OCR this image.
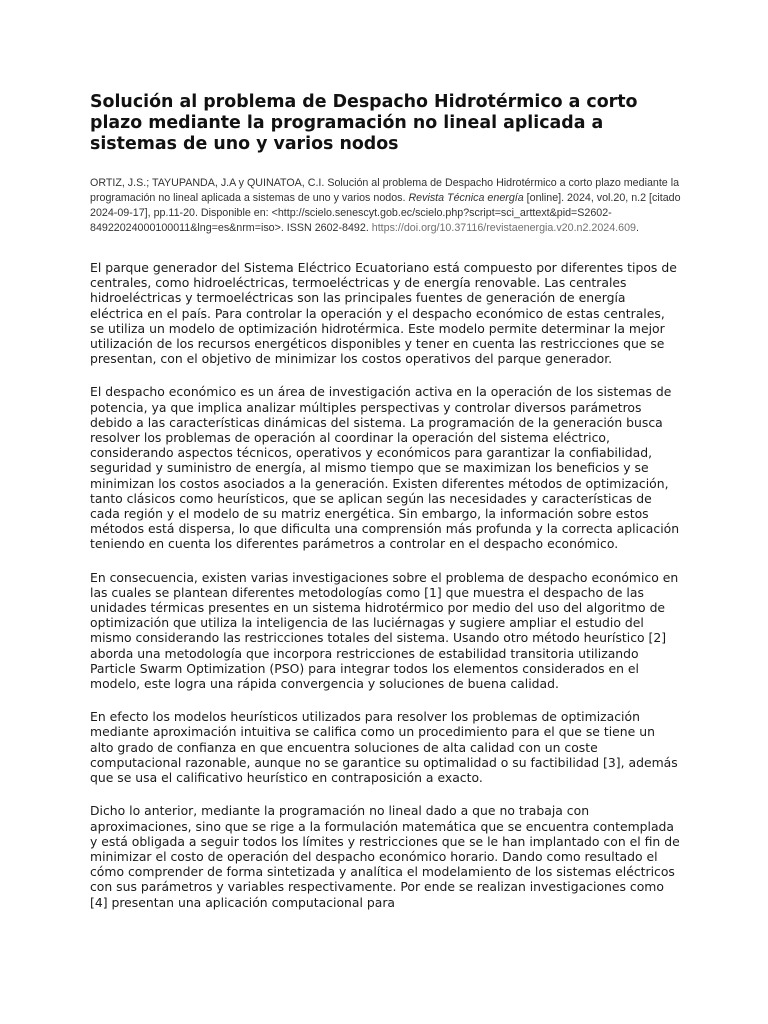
Solución al problema de Despacho Hidrotérmico a corto plazo mediante la programación no lineal aplicada a sistemas de uno y varios nodos

ORTIZ, J.S.; TAYUPANDA, J.A y QUINATOA, C.I. Solución al problema de Despacho Hidrotérmico a corto plazo mediante la programación no lineal aplicada a sistemas de uno y varios nodos. Revista Técnica energía [online]. 2024, vol.20, n.2 [citado 2024-09-17], pp.11-20. Disponible en: <http://scielo.senescyt.gob.ec/scielo.php?script=sci_arttext&pid=S2602-84922024000100011&lng=es&nrm=iso>. ISSN 2602-8492. https://doi.org/10.37116/revistaenergia.v20.n2.2024.609.

El parque generador del Sistema Eléctrico Ecuatoriano está compuesto por diferentes tipos de centrales, como hidroeléctricas, termoeléctricas y de energía renovable. Las centrales hidroeléctricas y termoeléctricas son las principales fuentes de generación de energía eléctrica en el país. Para controlar la operación y el despacho económico de estas centrales, se utiliza un modelo de optimización hidrotérmica. Este modelo permite determinar la mejor utilización de los recursos energéticos disponibles y tener en cuenta las restricciones que se presentan, con el objetivo de minimizar los costos operativos del parque generador.

El despacho económico es un área de investigación activa en la operación de los sistemas de potencia, ya que implica analizar múltiples perspectivas y controlar diversos parámetros debido a las características dinámicas del sistema. La programación de la generación busca resolver los problemas de operación al coordinar la operación del sistema eléctrico, considerando aspectos técnicos, operativos y económicos para garantizar la confiabilidad, seguridad y suministro de energía, al mismo tiempo que se maximizan los beneficios y se minimizan los costos asociados a la generación. Existen diferentes métodos de optimización, tanto clásicos como heurísticos, que se aplican según las necesidades y características de cada región y el modelo de su matriz energética. Sin embargo, la información sobre estos métodos está dispersa, lo que dificulta una comprensión más profunda y la correcta aplicación teniendo en cuenta los diferentes parámetros a controlar en el despacho económico.

En consecuencia, existen varias investigaciones sobre el problema de despacho económico en las cuales se plantean diferentes metodologías como [1] que muestra el despacho de las unidades térmicas presentes en un sistema hidrotérmico por medio del uso del algoritmo de optimización que utiliza la inteligencia de las luciérnagas y sugiere ampliar el estudio del mismo considerando las restricciones totales del sistema. Usando otro método heurístico [2] aborda una metodología que incorpora restricciones de estabilidad transitoria utilizando Particle Swarm Optimization (PSO) para integrar todos los elementos considerados en el modelo, este logra una rápida convergencia y soluciones de buena calidad.

En efecto los modelos heurísticos utilizados para resolver los problemas de optimización mediante aproximación intuitiva se califica como un procedimiento para el que se tiene un alto grado de confianza en que encuentra soluciones de alta calidad con un coste computacional razonable, aunque no se garantice su optimalidad o su factibilidad [3], además que se usa el calificativo heurístico en contraposición a exacto.

Dicho lo anterior, mediante la programación no lineal dado a que no trabaja con aproximaciones, sino que se rige a la formulación matemática que se encuentra contemplada y está obligada a seguir todos los límites y restricciones que se le han implantado con el fin de minimizar el costo de operación del despacho económico horario. Dando como resultado el cómo comprender de forma sintetizada y analítica el modelamiento de los sistemas eléctricos con sus parámetros y variables respectivamente. Por ende se realizan investigaciones como [4] presentan una aplicación computacional para
